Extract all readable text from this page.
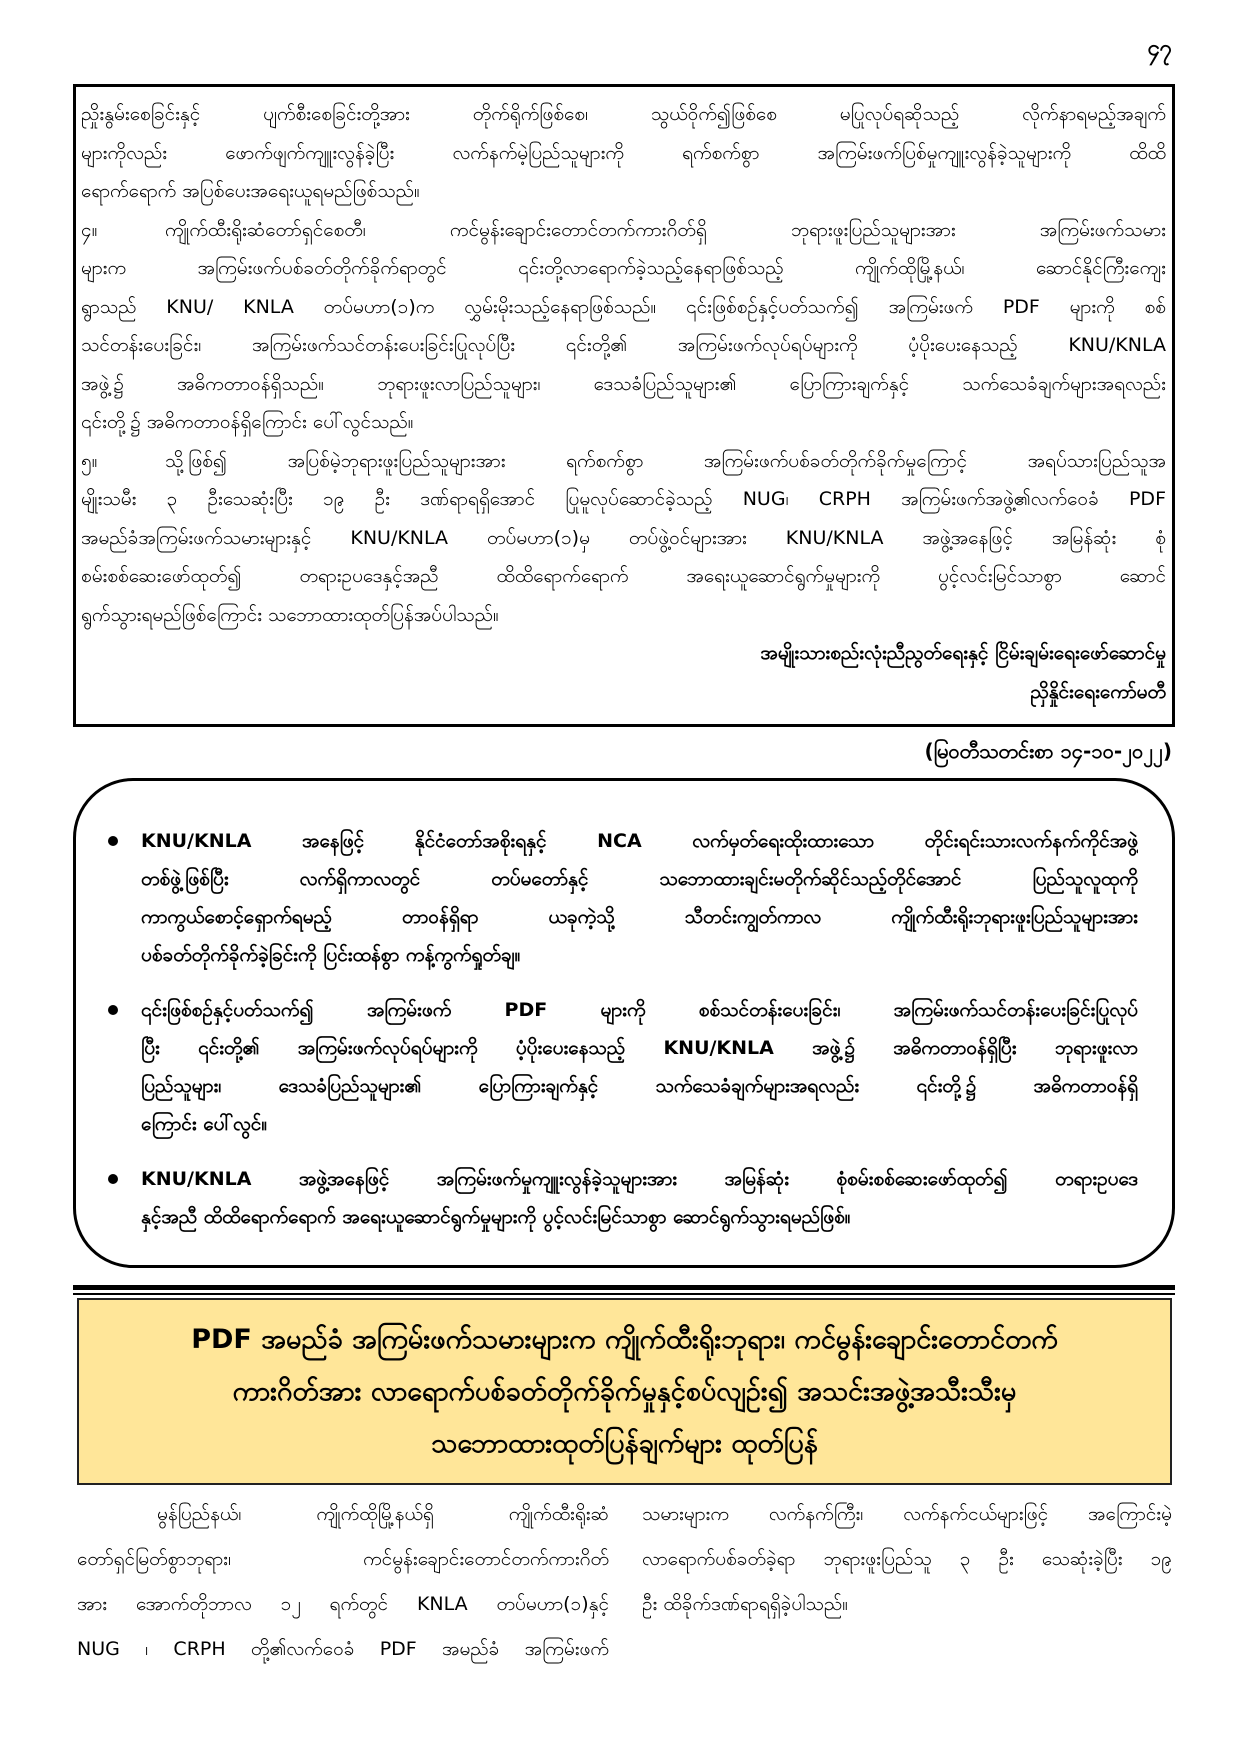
၄၇
ညှိုးနွမ်းစေခြင်းနှင့် ပျက်စီးစေခြင်းတို့အား တိုက်ရိုက်ဖြစ်စေ၊ သွယ်ဝိုက်၍ဖြစ်စေ မပြုလုပ်ရဆိုသည့် လိုက်နာရမည့်အချက်
များကိုလည်း ဖောက်ဖျက်ကျူးလွန်ခဲ့ပြီး လက်နက်မဲ့ပြည်သူများကို ရက်စက်စွာ အကြမ်းဖက်ပြစ်မှုကျူးလွန်ခဲ့သူများကို ထိထိ
ရောက်ရောက် အပြစ်ပေးအရေးယူရမည်ဖြစ်သည်။
၄။	ကျိုက်ထီးရိုးဆံတော်ရှင်စေတီ၊ ကင်မွန်းချောင်းတောင်တက်ကားဂိတ်ရှိ ဘုရားဖူးပြည်သူများအား အကြမ်းဖက်သမား
များက အကြမ်းဖက်ပစ်ခတ်တိုက်ခိုက်ရာတွင် ၎င်းတို့လာရောက်ခဲ့သည့်နေရာဖြစ်သည့် ကျိုက်ထိုမြို့နယ်၊ ဆောင်နိုင်ကြီးကျေး
ရွာသည် KNU/ KNLA တပ်မဟာ(၁)က လွှမ်းမိုးသည့်နေရာဖြစ်သည်။ ၎င်းဖြစ်စဉ်နှင့်ပတ်သက်၍ အကြမ်းဖက် PDF များကို စစ်
သင်တန်းပေးခြင်း၊ အကြမ်းဖက်သင်တန်းပေးခြင်းပြုလုပ်ပြီး ၎င်းတို့၏ အကြမ်းဖက်လုပ်ရပ်များကို ပံ့ပိုးပေးနေသည့် KNU/KNLA
အဖွဲ့၌ အဓိကတာဝန်ရှိသည်။ ဘုရားဖူးလာပြည်သူများ၊ ဒေသခံပြည်သူများ၏ ပြောကြားချက်နှင့် သက်သေခံချက်များအရလည်း
၎င်းတို့၌ အဓိကတာဝန်ရှိကြောင်း ပေါ်လွင်သည်။
၅။	သို့ဖြစ်၍ အပြစ်မဲ့ဘုရားဖူးပြည်သူများအား ရက်စက်စွာ အကြမ်းဖက်ပစ်ခတ်တိုက်ခိုက်မှုကြောင့် အရပ်သားပြည်သူအ
မျိုးသမီး ၃ ဦးသေဆုံးပြီး ၁၉ ဦး ဒဏ်ရာရရှိအောင် ပြုမူလုပ်ဆောင်ခဲ့သည့် NUG၊ CRPH အကြမ်းဖက်အဖွဲ့၏လက်ဝေခံ PDF
အမည်ခံအကြမ်းဖက်သမားများနှင့် KNU/KNLA တပ်မဟာ(၁)မှ တပ်ဖွဲ့ဝင်များအား KNU/KNLA အဖွဲ့အနေဖြင့် အမြန်ဆုံး စုံ
စမ်းစစ်ဆေးဖော်ထုတ်၍ တရားဥပဒေနှင့်အညီ ထိထိရောက်ရောက် အရေးယူဆောင်ရွက်မှုများကို ပွင့်လင်းမြင်သာစွာ ဆောင်
ရွက်သွားရမည်ဖြစ်ကြောင်း သဘောထားထုတ်ပြန်အပ်ပါသည်။
အမျိုးသားစည်းလုံးညီညွတ်ရေးနှင့် ငြိမ်းချမ်းရေးဖော်ဆောင်မှု
ညှိနှိုင်းရေးကော်မတီ
(မြဝတီသတင်းစာ ၁၄-၁၀-၂၀၂၂)
KNU/KNLA အနေဖြင့် နိုင်ငံတော်အစိုးရနှင့် NCA လက်မှတ်ရေးထိုးထားသော တိုင်းရင်းသားလက်နက်ကိုင်အဖွဲ့
တစ်ဖွဲ့ဖြစ်ပြီး လက်ရှိကာလတွင် တပ်မတော်နှင့် သဘောထားချင်းမတိုက်ဆိုင်သည့်တိုင်အောင် ပြည်သူလူထုကို
ကာကွယ်စောင့်ရှောက်ရမည့် တာဝန်ရှိရာ ယခုကဲ့သို့ သီတင်းကျွတ်ကာလ ကျိုက်ထီးရိုးဘုရားဖူးပြည်သူများအား
ပစ်ခတ်တိုက်ခိုက်ခဲ့ခြင်းကို ပြင်းထန်စွာ ကန့်ကွက်ရှုတ်ချ။
၎င်းဖြစ်စဉ်နှင့်ပတ်သက်၍ အကြမ်းဖက် PDF များကို စစ်သင်တန်းပေးခြင်း၊ အကြမ်းဖက်သင်တန်းပေးခြင်းပြုလုပ်
ပြီး ၎င်းတို့၏ အကြမ်းဖက်လုပ်ရပ်များကို ပံ့ပိုးပေးနေသည့် KNU/KNLA အဖွဲ့၌ အဓိကတာဝန်ရှိပြီး ဘုရားဖူးလာ
ပြည်သူများ၊ ဒေသခံပြည်သူများ၏ ပြောကြားချက်နှင့် သက်သေခံချက်များအရလည်း ၎င်းတို့၌ အဓိကတာဝန်ရှိ
ကြောင်း ပေါ်လွင်။
KNU/KNLA အဖွဲ့အနေဖြင့် အကြမ်းဖက်မှုကျူးလွန်ခဲ့သူများအား အမြန်ဆုံး စုံစမ်းစစ်ဆေးဖော်ထုတ်၍ တရားဥပဒေ
နှင့်အညီ ထိထိရောက်ရောက် အရေးယူဆောင်ရွက်မှုများကို ပွင့်လင်းမြင်သာစွာ ဆောင်ရွက်သွားရမည်ဖြစ်။
PDF အမည်ခံ အကြမ်းဖက်သမားများက ကျိုက်ထီးရိုးဘုရား၊ ကင်မွန်းချောင်းတောင်တက်
ကားဂိတ်အား လာရောက်ပစ်ခတ်တိုက်ခိုက်မှုနှင့်စပ်လျဉ်း၍ အသင်းအဖွဲ့အသီးသီးမှ
သဘောထားထုတ်ပြန်ချက်များ ထုတ်ပြန်
မွန်ပြည်နယ်၊ ကျိုက်ထိုမြို့နယ်ရှိ ကျိုက်ထီးရိုးဆံ
တော်ရှင်မြတ်စွာဘုရား၊ ကင်မွန်းချောင်းတောင်တက်ကားဂိတ်
အား အောက်တိုဘာလ ၁၂ ရက်တွင် KNLA တပ်မဟာ(၁)နှင့်
NUG ၊ CRPH တို့၏လက်ဝေခံ PDF အမည်ခံ အကြမ်းဖက်
သမားများက လက်နက်ကြီး၊ လက်နက်ငယ်များဖြင့် အကြောင်းမဲ့
လာရောက်ပစ်ခတ်ခဲ့ရာ ဘုရားဖူးပြည်သူ ၃ ဦး သေဆုံးခဲ့ပြီး ၁၉
ဦး ထိခိုက်ဒဏ်ရာရရှိခဲ့ပါသည်။
